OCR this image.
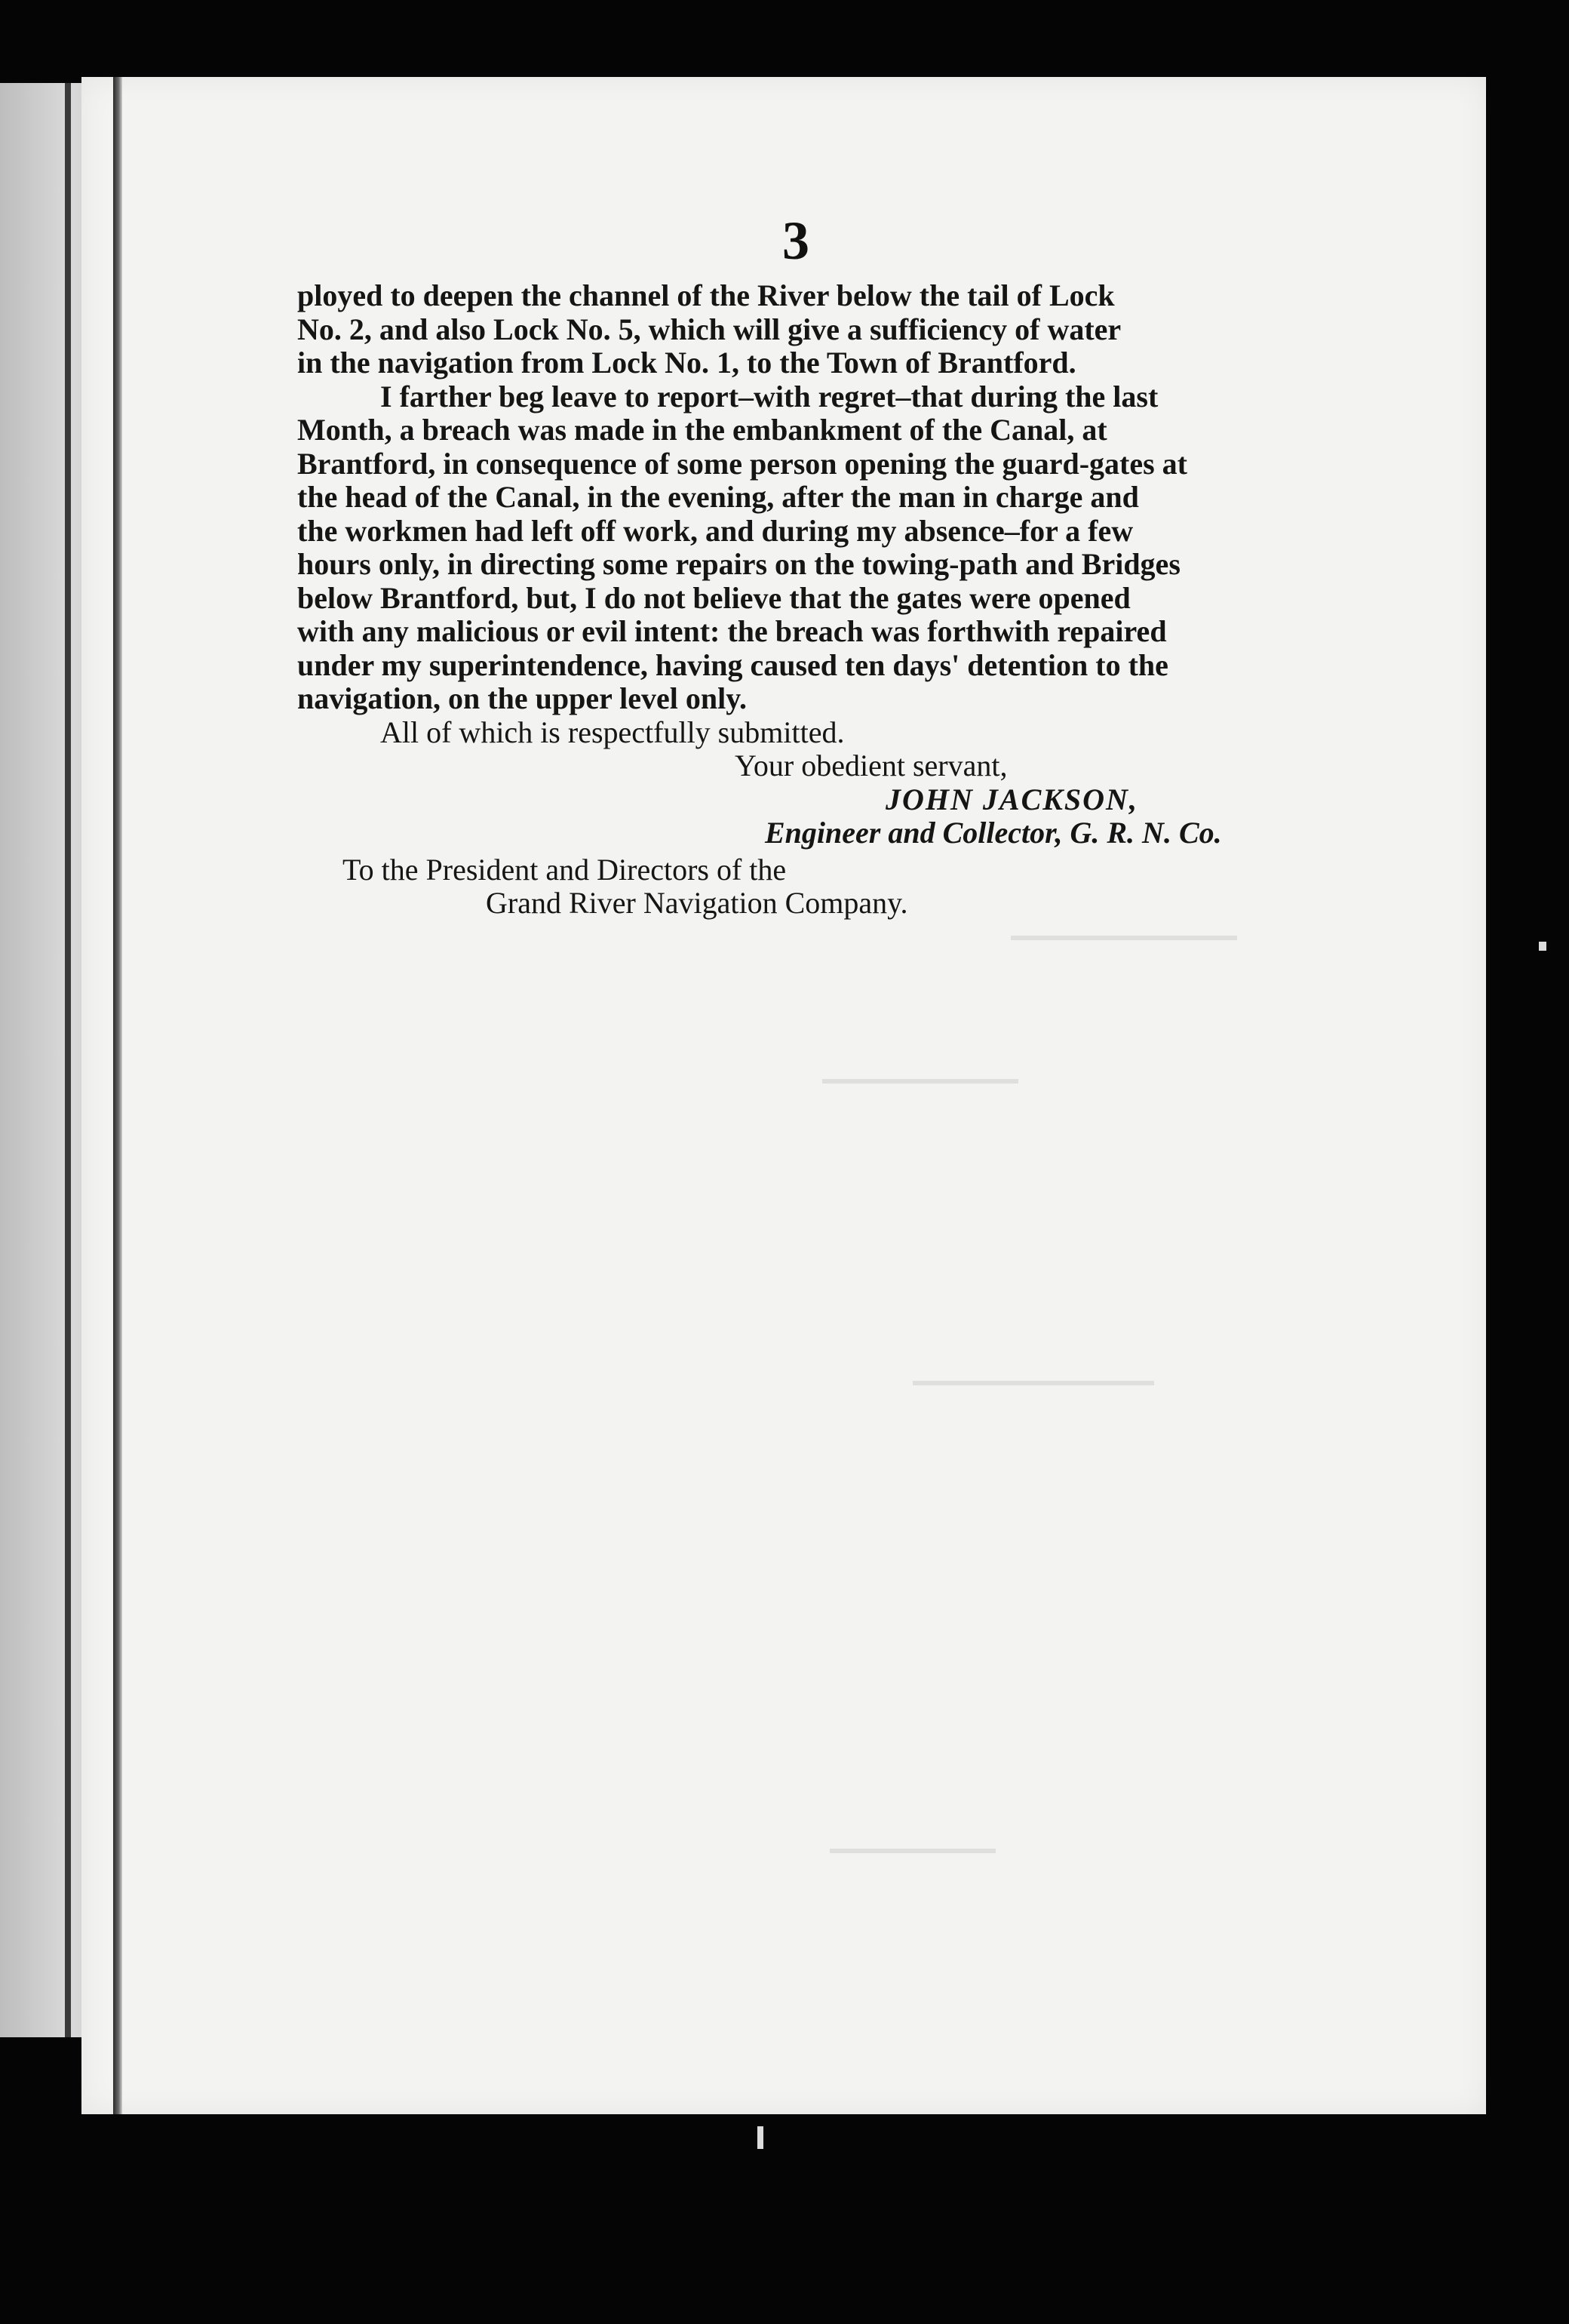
3

ployed to deepen the channel of the River below the tail of Lock

No. 2, and also Lock No. 5, which will give a sufficiency of water

in the navigation from Lock No. 1, to the Town of Brantford.

I farther beg leave to report–with regret–that during the last

Month, a breach was made in the embankment of the Canal, at

Brantford, in consequence of some person opening the guard-gates at

the head of the Canal, in the evening, after the man in charge and

the workmen had left off work, and during my absence–for a few

hours only, in directing some repairs on the towing-path and Bridges

below Brantford, but, I do not believe that the gates were opened

with any malicious or evil intent: the breach was forthwith repaired

under my superintendence, having caused ten days' detention to the

navigation, on the upper level only.

All of which is respectfully submitted.

Your obedient servant,

JOHN JACKSON,

Engineer and Collector, G. R. N. Co.

To the President and Directors of the

Grand River Navigation Company.
